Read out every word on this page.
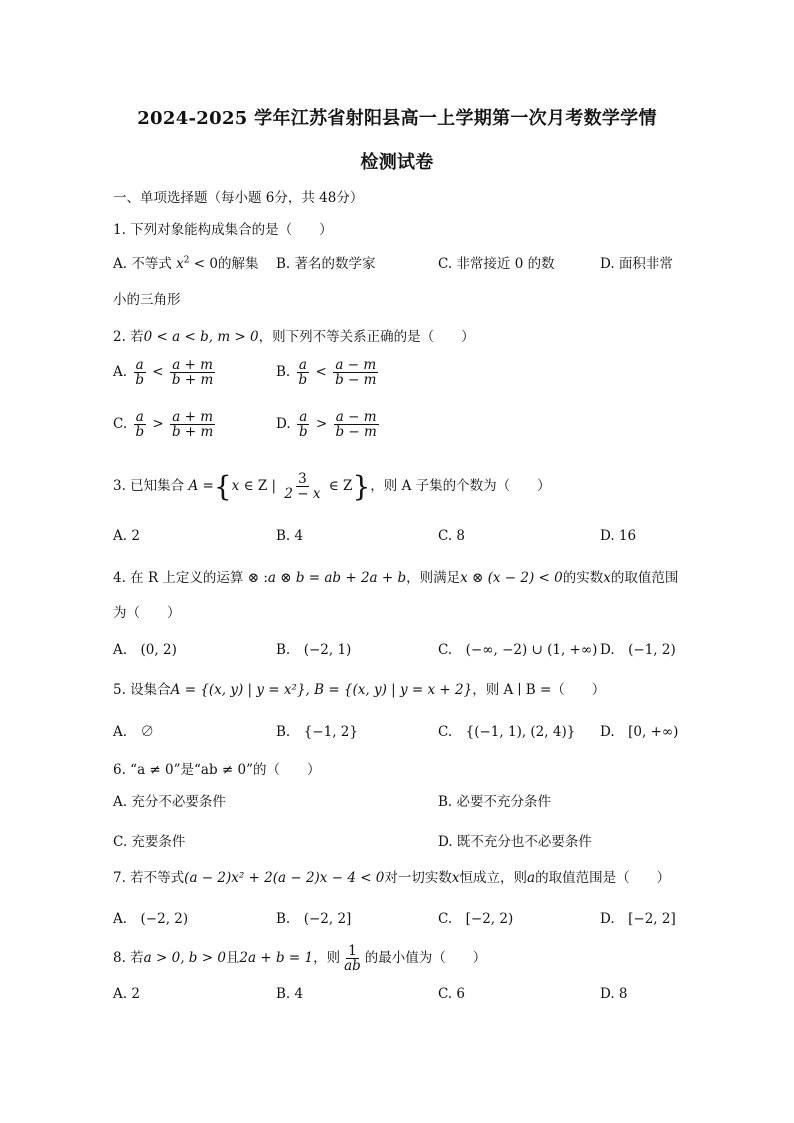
2024-2025 学年江苏省射阳县高一上学期第一次月考数学学情
检测试卷
一、单项选择题（每小题 6分，共 48分）
1. 下列对象能构成集合的是（　　）
A. 不等式 $x^2 < 0$的解集 B. 著名的数学家	C. 非常接近 0 的数	D. 面积非常
小的三角形
2. 若0 < a < b, m > 0，则下列不等关系正确的是（　　）
A. $\frac{a}{b} < \frac{a + m}{b + m}$	B. $\frac{a}{b} < \frac{a - m}{b - m}$
C. $\frac{a}{b} > \frac{a + m}{b + m}$	D. $\frac{a}{b} > \frac{a - m}{b - m}$
3. 已知集合 A ={x ∈ Z | $\frac{3}{2 - x}$ ∈ Z}，则 A 子集的个数为（　　）
A. 2	B. 4	C. 8	D. 16
4. 在 R 上定义的运算 ⊗ :a ⊗ b = ab + 2a + b，则满足x ⊗ (x − 2) < 0的实数x的取值范围
为（　　）
A.　(0, 2)	B.　(−2, 1)	C.　(−∞, −2) ∪ (1, +∞) D.　(−1, 2)
5. 设集合A = {(x, y) | y = x²}, B = {(x, y) | y = x + 2}，则 A ∣ B =（　　）
A.　∅	B.　{−1, 2}	C.　{(−1, 1), (2, 4)} D.　[0, +∞)
6. “a ≠ 0”是“ab ≠ 0”的（　　）
A. 充分不必要条件	B. 必要不充分条件
C. 充要条件	D. 既不充分也不必要条件
7. 若不等式(a − 2)x² + 2(a − 2)x − 4 < 0对一切实数x恒成立，则a的取值范围是（　　）
A.　(−2, 2)	B.　(−2, 2]	C.　[−2, 2)	D.　[−2, 2]
8. 若a > 0, b > 0且2a + b = 1，则 $\frac{1}{ab}$ 的最小值为（　　）
A. 2	B. 4	C. 6	D. 8
